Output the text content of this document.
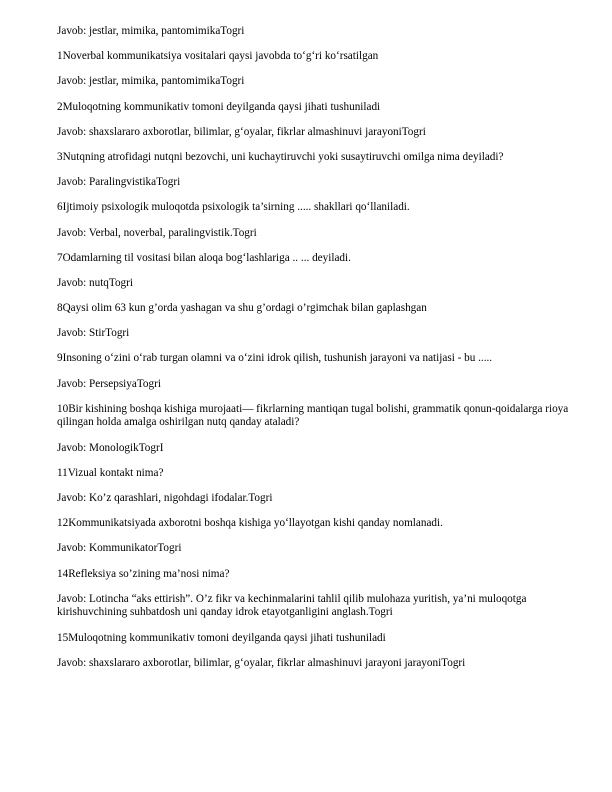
Javob: jestlar, mimika, pantomimikaTogri

1Noverbal kommunikatsiya vositalari qaysi javobda to‘g‘ri ko‘rsatilgan

Javob: jestlar, mimika, pantomimikaTogri

2Muloqotning kommunikativ tomoni deyilganda qaysi jihati tushuniladi

Javob: shaxslararo axborotlar, bilimlar, g‘oyalar, fikrlar almashinuvi jarayoniTogri

3Nutqning atrofidagi nutqni bezovchi, uni kuchaytiruvchi yoki susaytiruvchi omilga nima deyiladi?

Javob: ParalingvistikaTogri

6Ijtimoiy psixologik muloqotda psixologik ta’sirning ..... shakllari qo‘llaniladi.

Javob: Verbal, noverbal, paralingvistik.Togri

7Odamlarning til vositasi bilan aloqa bog‘lashlariga .. ... deyiladi.

Javob: nutqTogri

8Qaysi olim 63 kun g’orda yashagan va shu g’ordagi o’rgimchak bilan gaplashgan

Javob: StirTogri

9Insoning o‘zini o‘rab turgan olamni va o‘zini idrok qilish, tushunish jarayoni va natijasi - bu .....

Javob: PersepsiyaTogri

10Bir kishining boshqa kishiga murojaati— fikrlarning mantiqan tugal bolishi, grammatik qonun-qoidalarga rioya qilingan holda amalga oshirilgan nutq qanday ataladi?

Javob: MonologikTogrI

11Vizual kontakt nima?

Javob: Ko’z qarashlari, nigohdagi ifodalar.Togri

12Kommunikatsiyada axborotni boshqa kishiga yo‘llayotgan kishi qanday nomlanadi.

Javob: KommunikatorTogri

14Refleksiya so’zining ma’nosi nima?

Javob: Lotincha “aks ettirish”. O’z fikr va kechinmalarini tahlil qilib mulohaza yuritish, ya’ni muloqotga kirishuvchining suhbatdosh uni qanday idrok etayotganligini anglash.Togri

15Muloqotning kommunikativ tomoni deyilganda qaysi jihati tushuniladi

Javob: shaxslararo axborotlar, bilimlar, g‘oyalar, fikrlar almashinuvi jarayoni jarayoniTogri
